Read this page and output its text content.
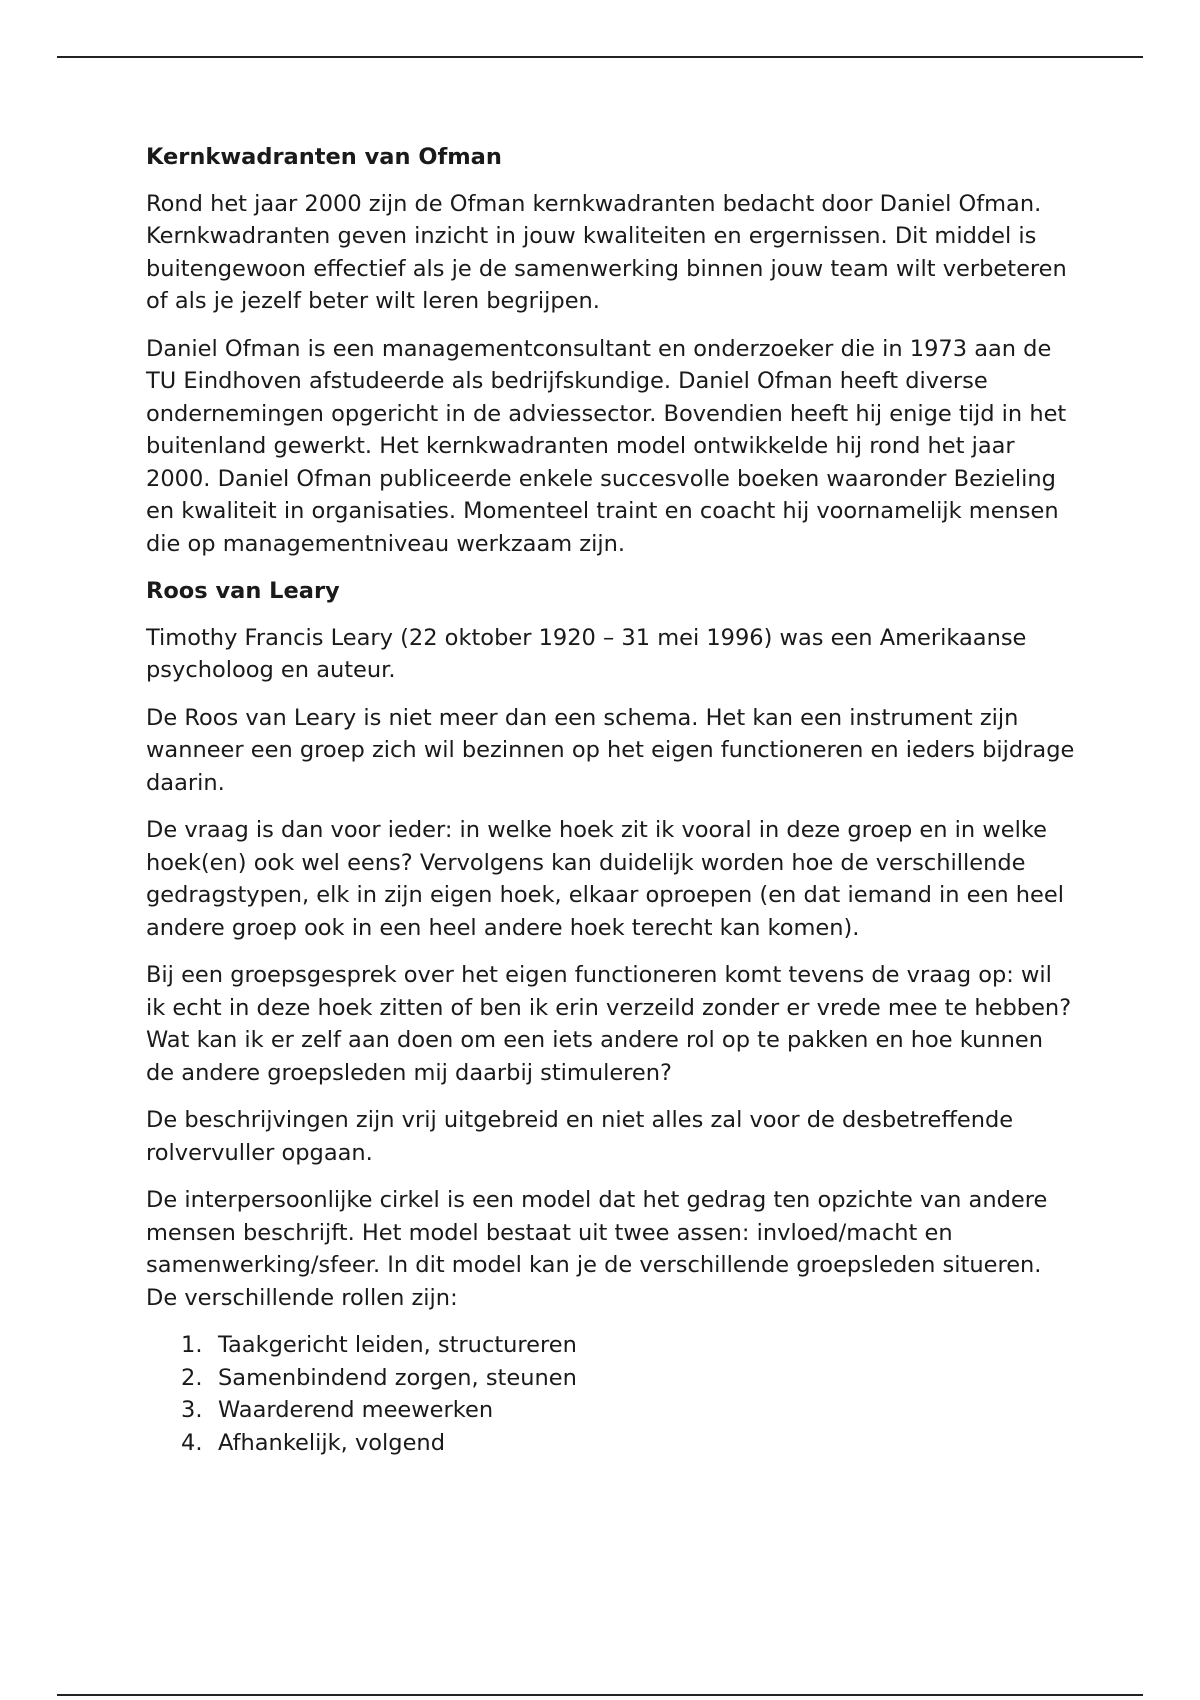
Kernkwadranten van Ofman

Rond het jaar 2000 zijn de Ofman kernkwadranten bedacht door Daniel Ofman. Kernkwadranten geven inzicht in jouw kwaliteiten en ergernissen. Dit middel is buitengewoon effectief als je de samenwerking binnen jouw team wilt verbeteren of als je jezelf beter wilt leren begrijpen.

Daniel Ofman is een managementconsultant en onderzoeker die in 1973 aan de TU Eindhoven afstudeerde als bedrijfskundige. Daniel Ofman heeft diverse ondernemingen opgericht in de adviessector. Bovendien heeft hij enige tijd in het buitenland gewerkt. Het kernkwadranten model ontwikkelde hij rond het jaar 2000. Daniel Ofman publiceerde enkele succesvolle boeken waaronder Bezieling en kwaliteit in organisaties. Momenteel traint en coacht hij voornamelijk mensen die op managementniveau werkzaam zijn.

Roos van Leary

Timothy Francis Leary (22 oktober 1920 – 31 mei 1996) was een Amerikaanse psycholoog en auteur.

De Roos van Leary is niet meer dan een schema. Het kan een instrument zijn wanneer een groep zich wil bezinnen op het eigen functioneren en ieders bijdrage daarin.

De vraag is dan voor ieder: in welke hoek zit ik vooral in deze groep en in welke hoek(en) ook wel eens? Vervolgens kan duidelijk worden hoe de verschillende gedragstypen, elk in zijn eigen hoek, elkaar oproepen (en dat iemand in een heel andere groep ook in een heel andere hoek terecht kan komen).

Bij een groepsgesprek over het eigen functioneren komt tevens de vraag op: wil ik echt in deze hoek zitten of ben ik erin verzeild zonder er vrede mee te hebben? Wat kan ik er zelf aan doen om een iets andere rol op te pakken en hoe kunnen de andere groepsleden mij daarbij stimuleren?

De beschrijvingen zijn vrij uitgebreid en niet alles zal voor de desbetreffende rolvervuller opgaan.

De interpersoonlijke cirkel is een model dat het gedrag ten opzichte van andere mensen beschrijft. Het model bestaat uit twee assen: invloed/macht en samenwerking/sfeer. In dit model kan je de verschillende groepsleden situeren. De verschillende rollen zijn:

1. Taakgericht leiden, structureren
2. Samenbindend zorgen, steunen
3. Waarderend meewerken
4. Afhankelijk, volgend
